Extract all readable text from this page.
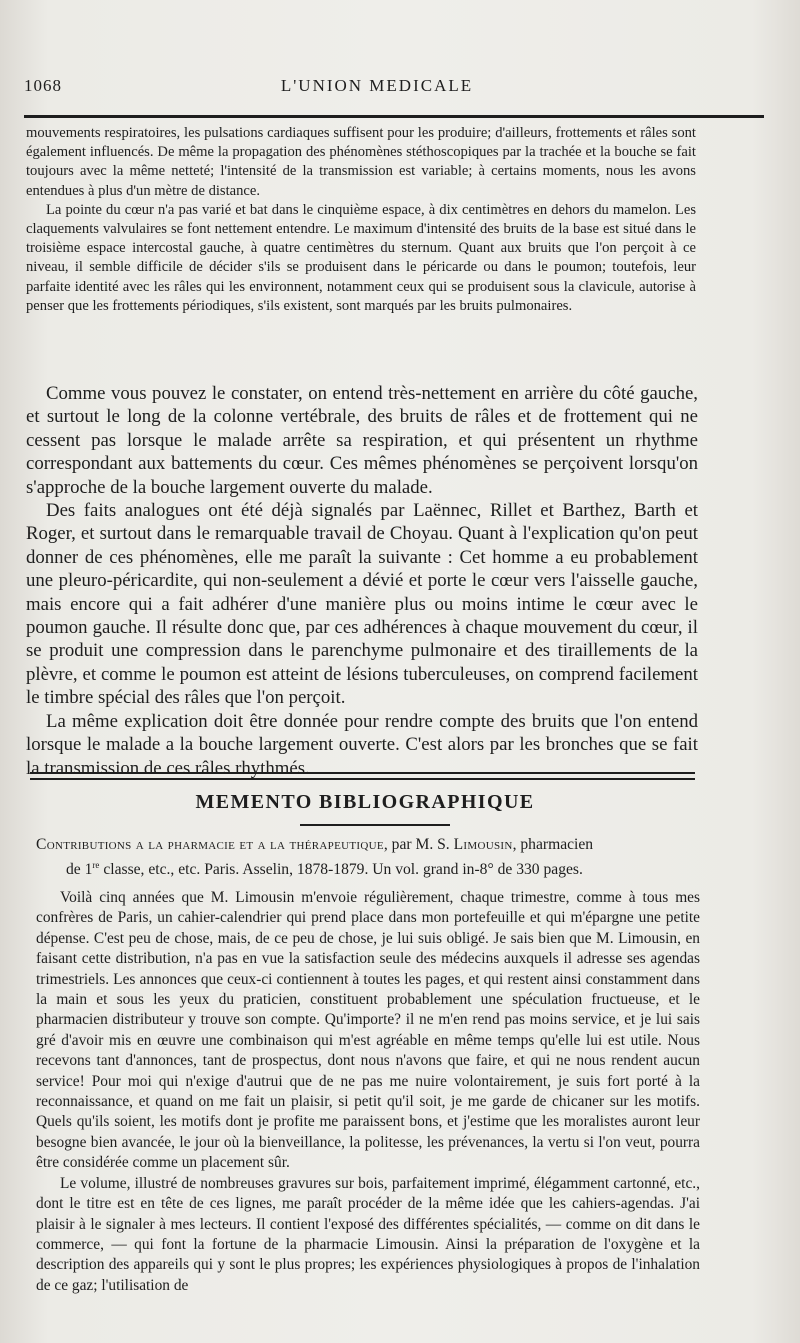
1068	L'UNION MEDICALE

mouvements respiratoires, les pulsations cardiaques suffisent pour les produire; d'ailleurs, frottements et râles sont également influencés. De même la propagation des phénomènes stéthoscopiques par la trachée et la bouche se fait toujours avec la même netteté; l'intensité de la transmission est variable; à certains moments, nous les avons entendues à plus d'un mètre de distance.

La pointe du cœur n'a pas varié et bat dans le cinquième espace, à dix centimètres en dehors du mamelon. Les claquements valvulaires se font nettement entendre. Le maximum d'intensité des bruits de la base est situé dans le troisième espace intercostal gauche, à quatre centimètres du sternum. Quant aux bruits que l'on perçoit à ce niveau, il semble difficile de décider s'ils se produisent dans le péricarde ou dans le poumon; toutefois, leur parfaite identité avec les râles qui les environnent, notamment ceux qui se produisent sous la clavicule, autorise à penser que les frottements périodiques, s'ils existent, sont marqués par les bruits pulmonaires.

Comme vous pouvez le constater, on entend très-nettement en arrière du côté gauche, et surtout le long de la colonne vertébrale, des bruits de râles et de frottement qui ne cessent pas lorsque le malade arrête sa respiration, et qui présentent un rhythme correspondant aux battements du cœur. Ces mêmes phénomènes se perçoivent lorsqu'on s'approche de la bouche largement ouverte du malade.

Des faits analogues ont été déjà signalés par Laënnec, Rillet et Barthez, Barth et Roger, et surtout dans le remarquable travail de Choyau. Quant à l'explication qu'on peut donner de ces phénomènes, elle me paraît la suivante : Cet homme a eu probablement une pleuro-péricardite, qui non-seulement a dévié et porte le cœur vers l'aisselle gauche, mais encore qui a fait adhérer d'une manière plus ou moins intime le cœur avec le poumon gauche. Il résulte donc que, par ces adhérences à chaque mouvement du cœur, il se produit une compression dans le parenchyme pulmonaire et des tiraillements de la plèvre, et comme le poumon est atteint de lésions tuberculeuses, on comprend facilement le timbre spécial des râles que l'on perçoit.

La même explication doit être donnée pour rendre compte des bruits que l'on entend lorsque le malade a la bouche largement ouverte. C'est alors par les bronches que se fait la transmission de ces râles rhythmés.

MEMENTO BIBLIOGRAPHIQUE
Contributions a la pharmacie et a la thérapeutique, par M. S. Limousin, pharmacien
de 1re classe, etc., etc. Paris. Asselin, 1878-1879. Un vol. grand in-8° de 330 pages.

Voilà cinq années que M. Limousin m'envoie régulièrement, chaque trimestre, comme à tous mes confrères de Paris, un cahier-calendrier qui prend place dans mon portefeuille et qui m'épargne une petite dépense. C'est peu de chose, mais, de ce peu de chose, je lui suis obligé. Je sais bien que M. Limousin, en faisant cette distribution, n'a pas en vue la satisfaction seule des médecins auxquels il adresse ses agendas trimestriels. Les annonces que ceux-ci contiennent à toutes les pages, et qui restent ainsi constamment dans la main et sous les yeux du praticien, constituent probablement une spéculation fructueuse, et le pharmacien distributeur y trouve son compte. Qu'importe? il ne m'en rend pas moins service, et je lui sais gré d'avoir mis en œuvre une combinaison qui m'est agréable en même temps qu'elle lui est utile. Nous recevons tant d'annonces, tant de prospectus, dont nous n'avons que faire, et qui ne nous rendent aucun service! Pour moi qui n'exige d'autrui que de ne pas me nuire volontairement, je suis fort porté à la reconnaissance, et quand on me fait un plaisir, si petit qu'il soit, je me garde de chicaner sur les motifs. Quels qu'ils soient, les motifs dont je profite me paraissent bons, et j'estime que les moralistes auront leur besogne bien avancée, le jour où la bienveillance, la politesse, les prévenances, la vertu si l'on veut, pourra être considérée comme un placement sûr.

Le volume, illustré de nombreuses gravures sur bois, parfaitement imprimé, élégamment cartonné, etc., dont le titre est en tête de ces lignes, me paraît procéder de la même idée que les cahiers-agendas. J'ai plaisir à le signaler à mes lecteurs. Il contient l'exposé des différentes spécialités, — comme on dit dans le commerce, — qui font la fortune de la pharmacie Limousin. Ainsi la préparation de l'oxygène et la description des appareils qui y sont le plus propres; les expériences physiologiques à propos de l'inhalation de ce gaz; l'utilisation de
